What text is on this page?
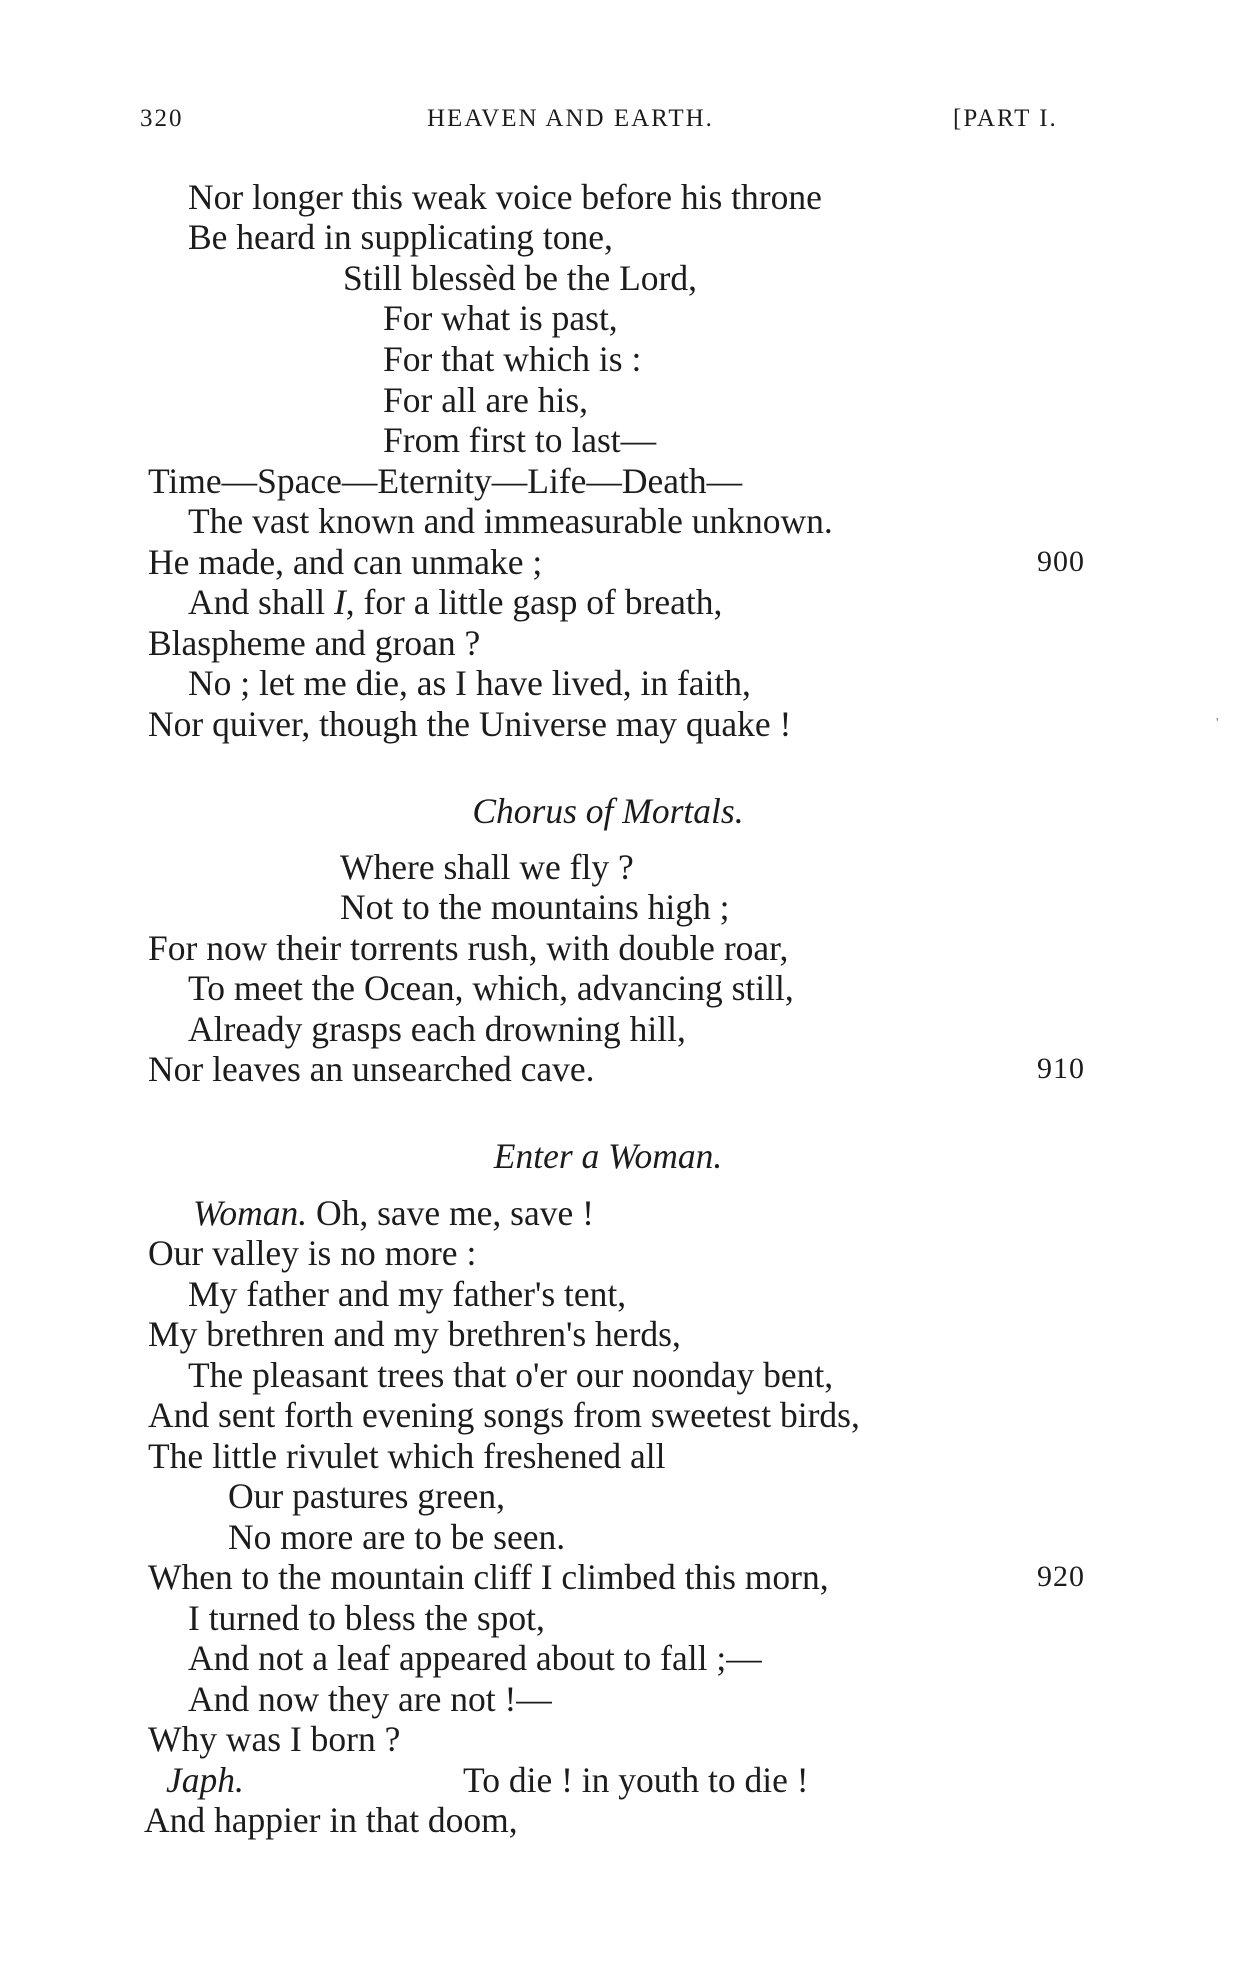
320	HEAVEN AND EARTH.	[PART I.
Nor longer this weak voice before his throne
Be heard in supplicating tone,
Still blessèd be the Lord,
For what is past,
For that which is :
For all are his,
From first to last—
Time—Space—Eternity—Life—Death—
The vast known and immeasurable unknown.
He made, and can unmake ;	900
And shall I, for a little gasp of breath,
Blaspheme and groan ?
No ; let me die, as I have lived, in faith,
Nor quiver, though the Universe may quake !
Chorus of Mortals.
Where shall we fly ?
Not to the mountains high ;
For now their torrents rush, with double roar,
To meet the Ocean, which, advancing still,
Already grasps each drowning hill,
Nor leaves an unsearched cave.	910
Enter a Woman.
Woman. Oh, save me, save !
Our valley is no more :
My father and my father's tent,
My brethren and my brethren's herds,
The pleasant trees that o'er our noonday bent,
And sent forth evening songs from sweetest birds,
The little rivulet which freshened all
Our pastures green,
No more are to be seen.
When to the mountain cliff I climbed this morn,	920
I turned to bless the spot,
And not a leaf appeared about to fall ;—
And now they are not !—
Why was I born ?
Japh.	To die ! in youth to die !
And happier in that doom,
'
